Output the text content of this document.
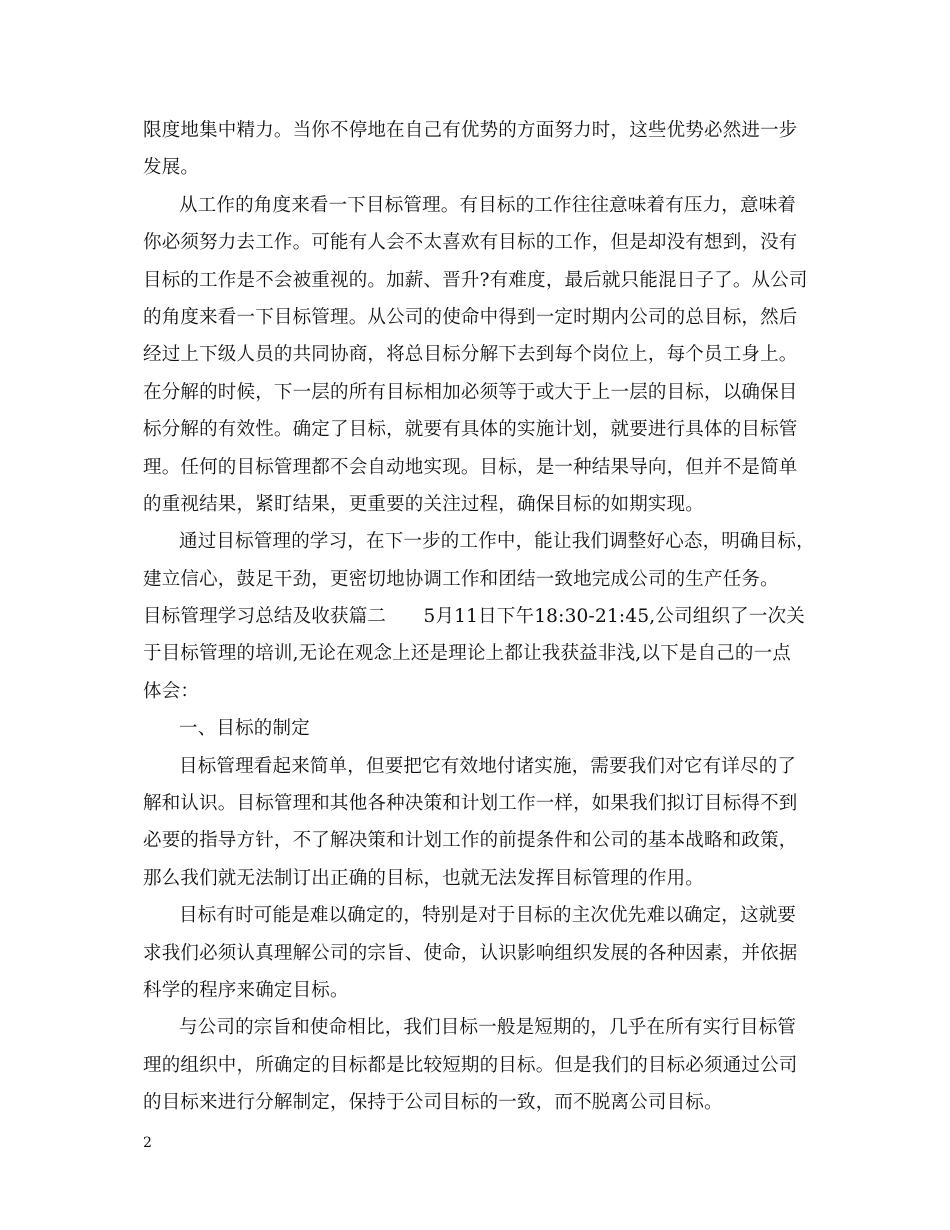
限度地集中精力。当你不停地在自己有优势的方面努力时，这些优势必然进一步
发展。
从工作的角度来看一下目标管理。有目标的工作往往意味着有压力，意味着
你必须努力去工作。可能有人会不太喜欢有目标的工作，但是却没有想到，没有
目标的工作是不会被重视的。加薪、晋升?有难度，最后就只能混日子了。从公司
的角度来看一下目标管理。从公司的使命中得到一定时期内公司的总目标，然后
经过上下级人员的共同协商，将总目标分解下去到每个岗位上，每个员工身上。
在分解的时候，下一层的所有目标相加必须等于或大于上一层的目标，以确保目
标分解的有效性。确定了目标，就要有具体的实施计划，就要进行具体的目标管
理。任何的目标管理都不会自动地实现。目标，是一种结果导向，但并不是简单
的重视结果，紧盯结果，更重要的关注过程，确保目标的如期实现。
通过目标管理的学习，在下一步的工作中，能让我们调整好心态，明确目标，
建立信心，鼓足干劲，更密切地协调工作和团结一致地完成公司的生产任务。
目标管理学习总结及收获篇二　　5月11日下午18:30-21:45,公司组织了一次关
于目标管理的培训,无论在观念上还是理论上都让我获益非浅,以下是自己的一点
体会：
一、目标的制定
目标管理看起来简单，但要把它有效地付诸实施，需要我们对它有详尽的了
解和认识。目标管理和其他各种决策和计划工作一样，如果我们拟订目标得不到
必要的指导方针，不了解决策和计划工作的前提条件和公司的基本战略和政策，
那么我们就无法制订出正确的目标，也就无法发挥目标管理的作用。
目标有时可能是难以确定的，特别是对于目标的主次优先难以确定，这就要
求我们必须认真理解公司的宗旨、使命，认识影响组织发展的各种因素，并依据
科学的程序来确定目标。
与公司的宗旨和使命相比，我们目标一般是短期的，几乎在所有实行目标管
理的组织中，所确定的目标都是比较短期的目标。但是我们的目标必须通过公司
的目标来进行分解制定，保持于公司目标的一致，而不脱离公司目标。
2
